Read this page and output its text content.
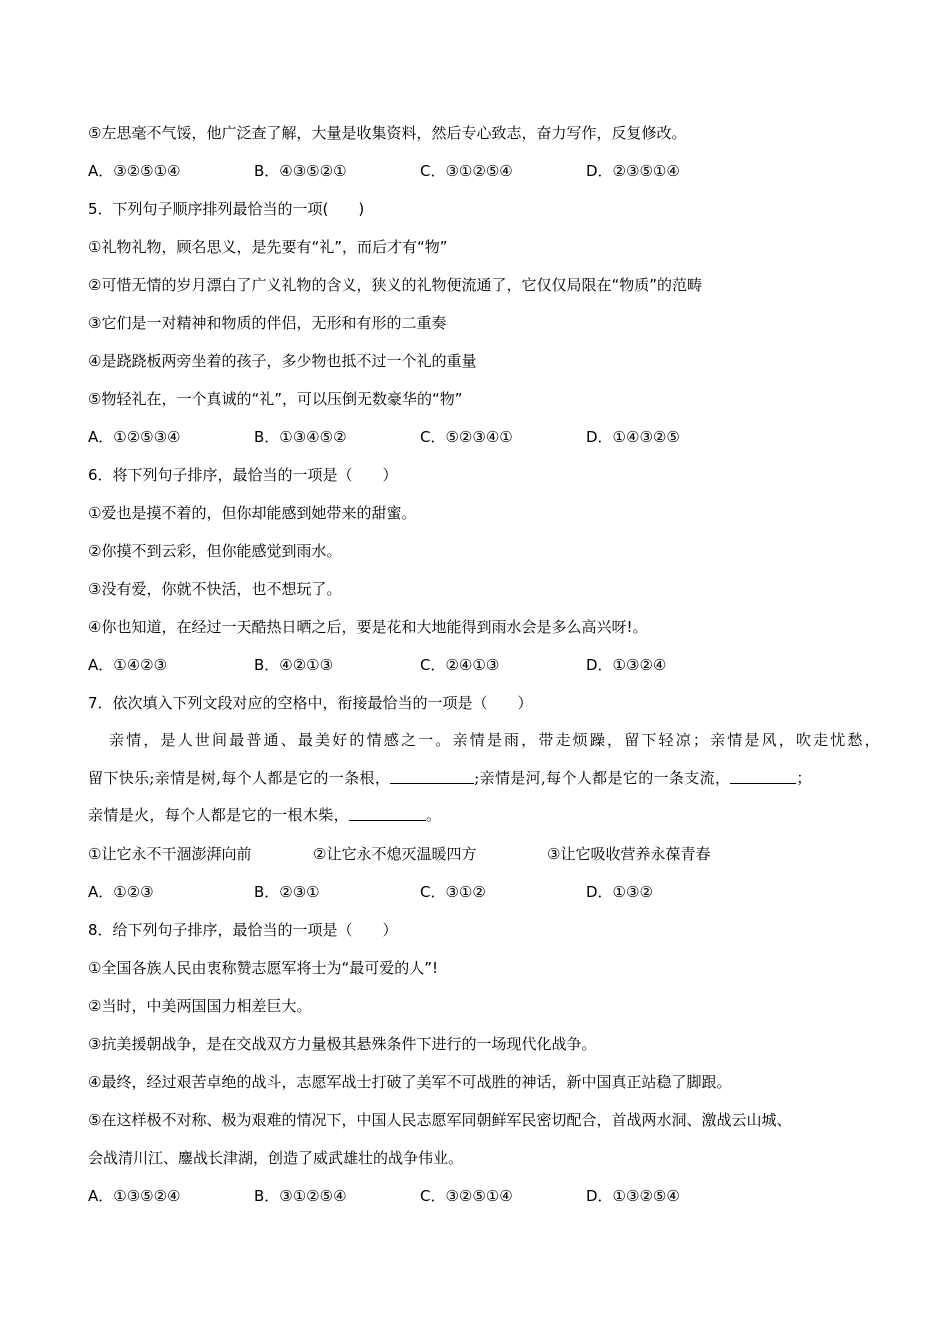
⑤左思毫不气馁，他广泛查了解，大量是收集资料，然后专心致志，奋力写作，反复修改。
A．③②⑤①④	B．④③⑤②①	C．③①②⑤④	D．②③⑤①④
5．下列句子顺序排列最恰当的一项(　　)
①礼物礼物，顾名思义，是先要有“礼”，而后才有“物”
②可惜无情的岁月漂白了广义礼物的含义，狭义的礼物便流通了，它仅仅局限在“物质”的范畴
③它们是一对精神和物质的伴侣，无形和有形的二重奏
④是跷跷板两旁坐着的孩子，多少物也抵不过一个礼的重量
⑤物轻礼在，一个真诚的“礼”，可以压倒无数豪华的“物”
A．①②⑤③④	B．①③④⑤②	C．⑤②③④①	D．①④③②⑤
6．将下列句子排序，最恰当的一项是（　　）
①爱也是摸不着的，但你却能感到她带来的甜蜜。
②你摸不到云彩，但你能感觉到雨水。
③没有爱，你就不快活，也不想玩了。
④你也知道，在经过一天酷热日晒之后，要是花和大地能得到雨水会是多么高兴呀!。
A．①④②③	B．④②①③	C．②④①③	D．①③②④
7．依次填入下列文段对应的空格中，衔接最恰当的一项是（　　）
亲情，是人世间最普通、最美好的情感之一。亲情是雨，带走烦躁，留下轻凉；亲情是风，吹走忧愁，
留下快乐;亲情是树,每个人都是它的一条根，	;亲情是河,每个人都是它的一条支流，	；
亲情是火，每个人都是它的一根木柴，	。
①让它永不干涸澎湃向前	②让它永不熄灭温暖四方	③让它吸收营养永葆青春
A．①②③	B．②③①	C．③①②	D．①③②
8．给下列句子排序，最恰当的一项是（　　）
①全国各族人民由衷称赞志愿军将士为“最可爱的人”!
②当时，中美两国国力相差巨大。
③抗美援朝战争，是在交战双方力量极其悬殊条件下进行的一场现代化战争。
④最终，经过艰苦卓绝的战斗，志愿军战士打破了美军不可战胜的神话，新中国真正站稳了脚跟。
⑤在这样极不对称、极为艰难的情况下，中国人民志愿军同朝鲜军民密切配合，首战两水洞、激战云山城、
会战清川江、鏖战长津湖，创造了威武雄壮的战争伟业。
A．①③⑤②④	B．③①②⑤④	C．③②⑤①④	D．①③②⑤④
